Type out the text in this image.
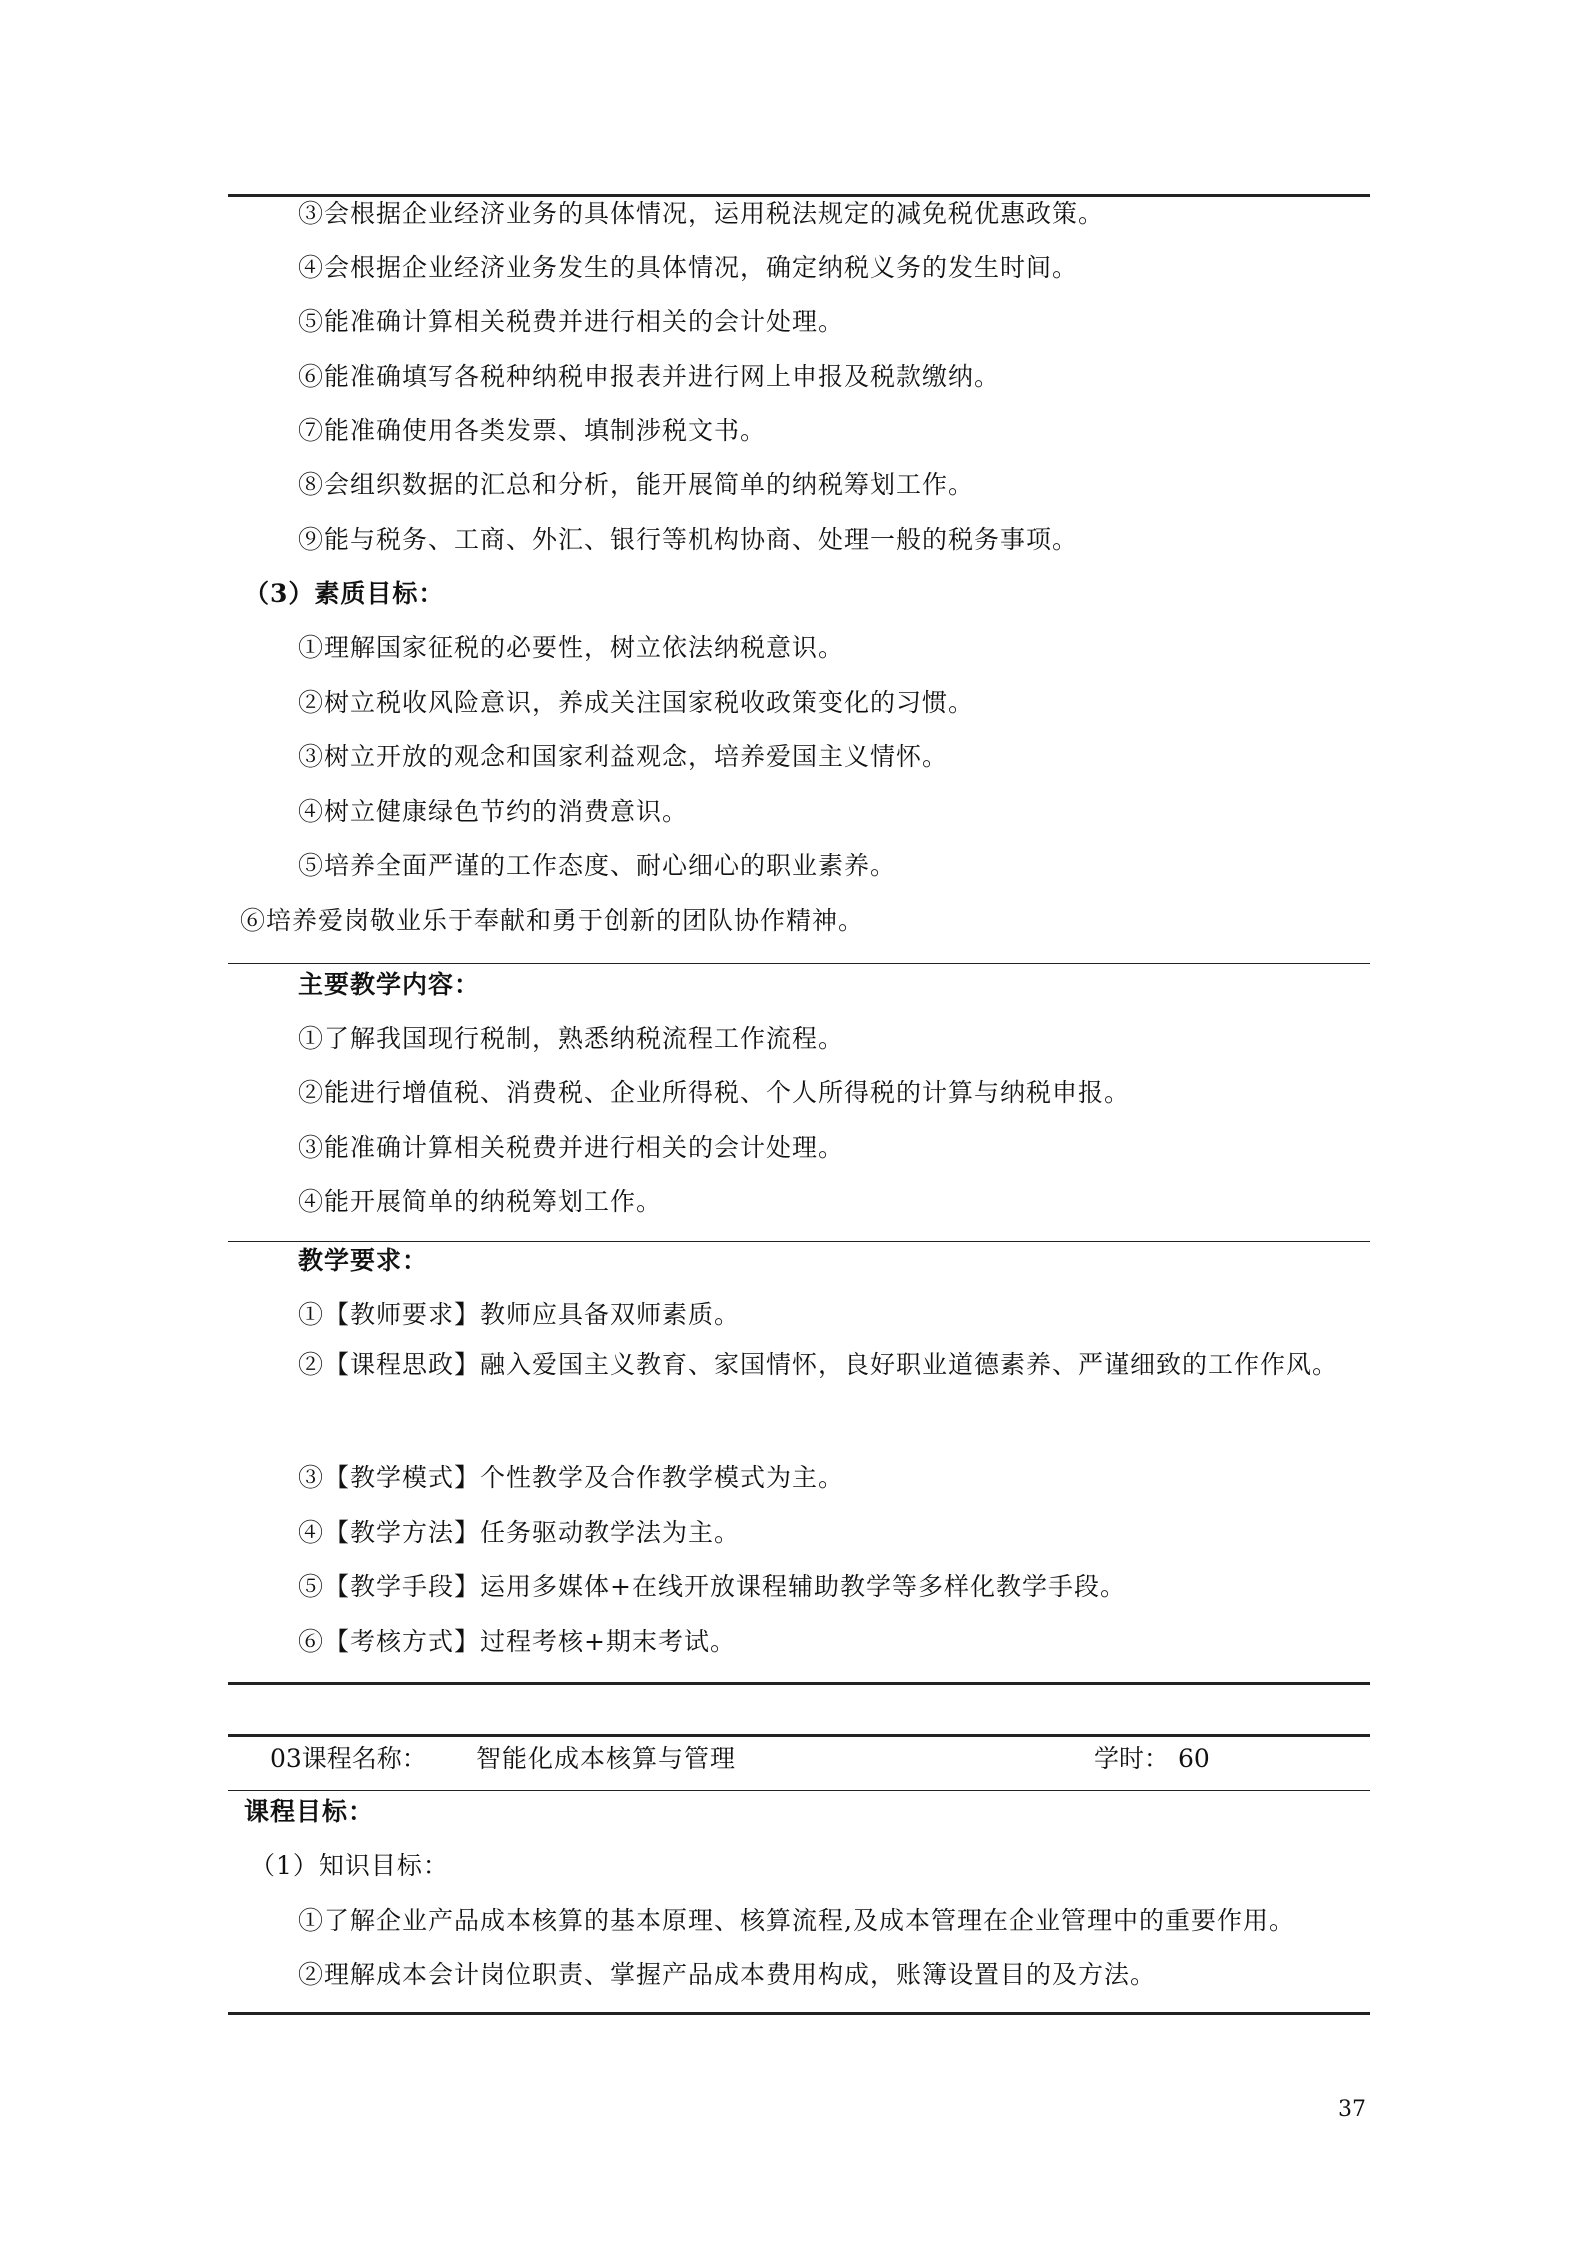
③会根据企业经济业务的具体情况，运用税法规定的减免税优惠政策。
④会根据企业经济业务发生的具体情况，确定纳税义务的发生时间。
⑤能准确计算相关税费并进行相关的会计处理。
⑥能准确填写各税种纳税申报表并进行网上申报及税款缴纳。
⑦能准确使用各类发票、填制涉税文书。
⑧会组织数据的汇总和分析，能开展简单的纳税筹划工作。
⑨能与税务、工商、外汇、银行等机构协商、处理一般的税务事项。
（3）素质目标：
①理解国家征税的必要性，树立依法纳税意识。
②树立税收风险意识，养成关注国家税收政策变化的习惯。
③树立开放的观念和国家利益观念，培养爱国主义情怀。
④树立健康绿色节约的消费意识。
⑤培养全面严谨的工作态度、耐心细心的职业素养。
⑥培养爱岗敬业乐于奉献和勇于创新的团队协作精神。
主要教学内容：
①了解我国现行税制，熟悉纳税流程工作流程。
②能进行增值税、消费税、企业所得税、个人所得税的计算与纳税申报。
③能准确计算相关税费并进行相关的会计处理。
④能开展简单的纳税筹划工作。
教学要求：
①【教师要求】教师应具备双师素质。
②【课程思政】融入爱国主义教育、家国情怀，良好职业道德素养、严谨细致的工作作风。
③【教学模式】个性教学及合作教学模式为主。
④【教学方法】任务驱动教学法为主。
⑤【教学手段】运用多媒体+在线开放课程辅助教学等多样化教学手段。
⑥【考核方式】过程考核+期末考试。
03课程名称： 智能化成本核算与管理	学时： 60
课程目标：
（1）知识目标：
①了解企业产品成本核算的基本原理、核算流程,及成本管理在企业管理中的重要作用。
②理解成本会计岗位职责、掌握产品成本费用构成，账簿设置目的及方法。
37
